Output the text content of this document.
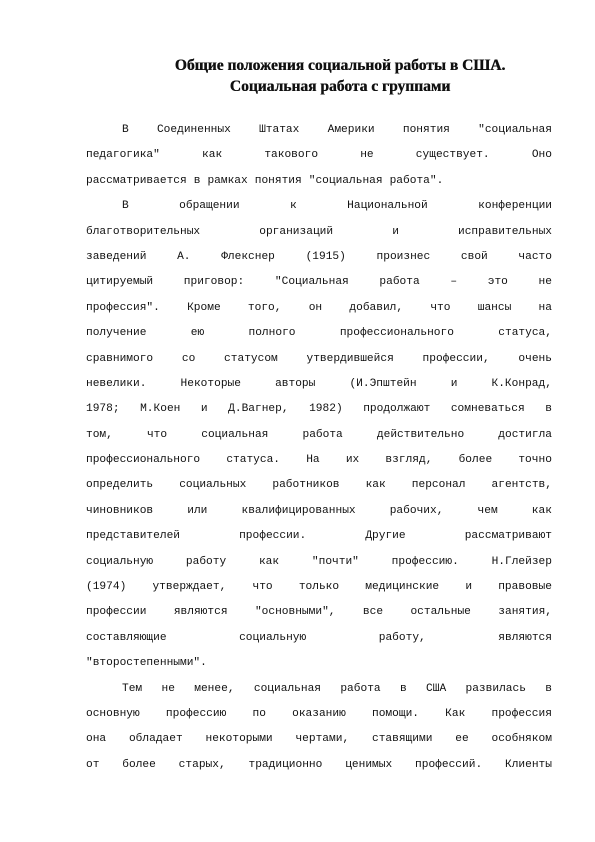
Общие положения социальной работы в США.
Социальная работа с группами
В	Соединенных	Штатах	Америки	понятия	"социальная
педагогика"	как	такового	не	существует.	Оно
рассматривается в рамках понятия "социальная работа".
В	обращении	к	Национальной	конференции
благотворительных	организаций	и	исправительных
заведений	А.	Флекснер	(1915)	произнес	свой	часто
цитируемый	приговор:	"Социальная	работа	–	это	не
профессия". Кроме того, он добавил, что шансы на
получение	ею	полного	профессионального	статуса,
сравнимого	со	статусом	утвердившейся	профессии,	очень
невелики.	Некоторые	авторы	(И.Эпштейн	и	К.Конрад,
1978; М.Коен и Д.Вагнер, 1982) продолжают сомневаться в
том,	что	социальная	работа	действительно	достигла
профессионального статуса. На их взгляд, более точно
определить социальных работников как персонал агентств,
чиновников	или	квалифицированных	рабочих,	чем	как
представителей	профессии.	Другие	рассматривают
социальную	работу	как	"почти"	профессию.	Н.Глейзер
(1974) утверждает, что только медицинские и правовые
профессии являются "основными", все остальные занятия,
составляющие	социальную	работу,	являются
"второстепенными".
Тем не менее, социальная работа в США развилась в
основную профессию по оказанию помощи. Как профессия
она обладает некоторыми чертами, ставящими ее особняком
от более старых, традиционно ценимых профессий. Клиенты
